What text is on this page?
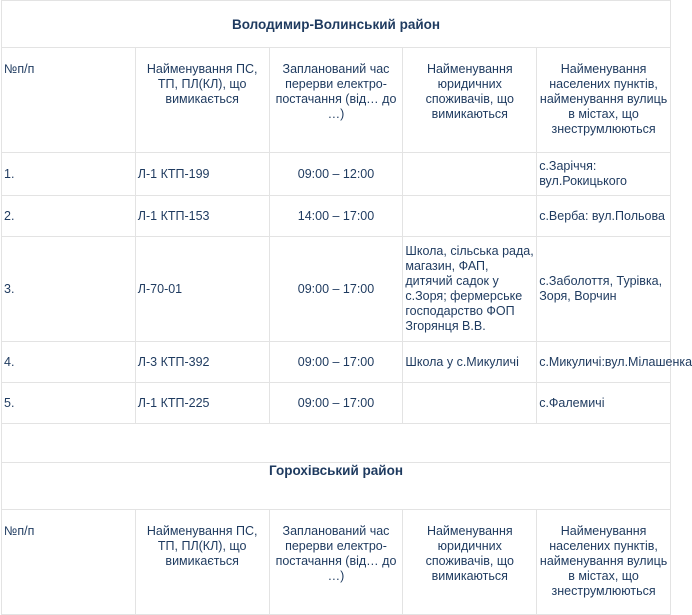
Володимир-Волинський район				
№п/п	Найменування ПС, ТП, ПЛ(КЛ), що вимикається	Запланований час перерви електро-постачання (від… до …)	Найменування юридичних споживачів, що вимикаються	Найменування населених пунктів, найменування вулиць в містах, що знеструмлюються
1.	Л-1 КТП-199	09:00 – 12:00		с.Заріччя: вул.Рокицького
2.	Л-1 КТП-153	14:00 – 17:00		с.Верба: вул.Польова
3.	Л-70-01	09:00 – 17:00	Школа, сільська рада, магазин, ФАП, дитячий садок у с.Зоря; фермерське господарство ФОП Згорянця В.В.	с.Заболоття, Турівка, Зоря, Ворчин
4.	Л-3 КТП-392	09:00 – 17:00	Школа у с.Микуличі	с.Микуличі:вул.Мілашенка
5.	Л-1 КТП-225	09:00 – 17:00		с.Фалемичі

Горохівський район				
№п/п	Найменування ПС, ТП, ПЛ(КЛ), що вимикається	Запланований час перерви електро-постачання (від… до …)	Найменування юридичних споживачів, що вимикаються	Найменування населених пунктів, найменування вулиць в містах, що знеструмлюються
